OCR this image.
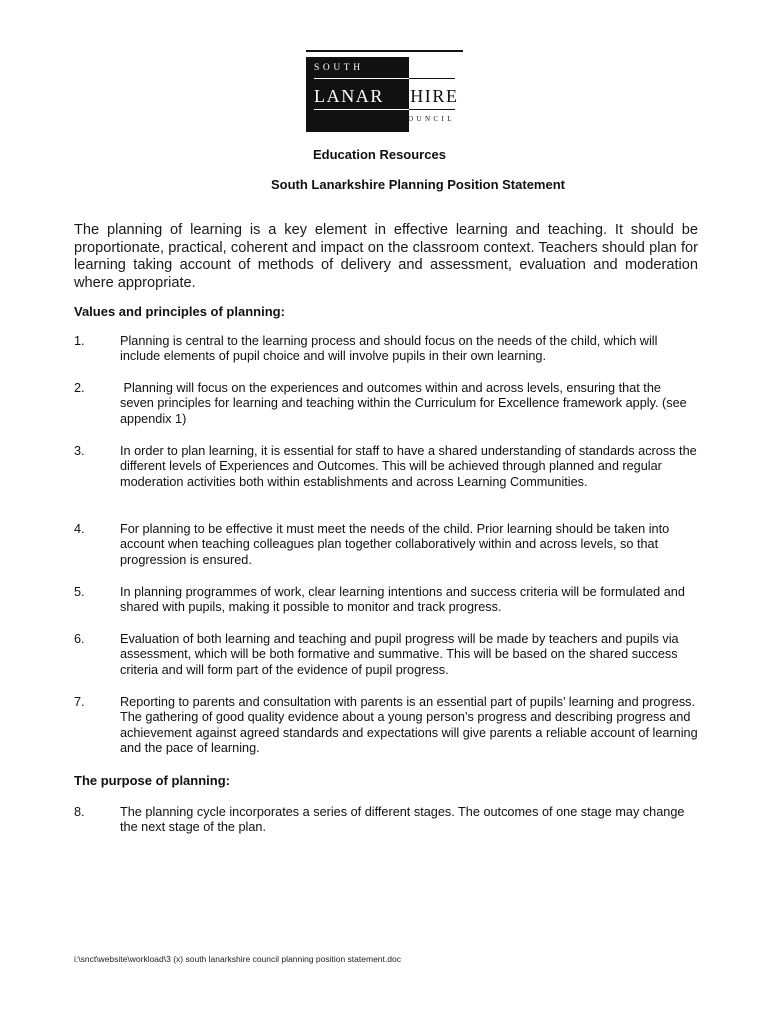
SOUTH
LANARKSHIRE
COUNCIL
Education Resources
South Lanarkshire Planning Position Statement
The planning of learning is a key element in effective learning and teaching. It should be proportionate, practical, coherent and impact on the classroom context. Teachers should plan for learning taking account of methods of delivery and assessment, evaluation and moderation where appropriate.
Values and principles of planning:
1.	Planning is central to the learning process and should focus on the needs of the child, which will include elements of pupil choice and will involve pupils in their own learning.
2.	Planning will focus on the experiences and outcomes within and across levels, ensuring that the seven principles for learning and teaching within the Curriculum for Excellence framework apply. (see appendix 1)
3.	In order to plan learning, it is essential for staff to have a shared understanding of standards across the different levels of Experiences and Outcomes. This will be achieved through planned and regular moderation activities both within establishments and across Learning Communities.
4.	For planning to be effective it must meet the needs of the child. Prior learning should be taken into account when teaching colleagues plan together collaboratively within and across levels, so that progression is ensured.
5.	In planning programmes of work, clear learning intentions and success criteria will be formulated and shared with pupils, making it possible to monitor and track progress.
6.	Evaluation of both learning and teaching and pupil progress will be made by teachers and pupils via assessment, which will be both formative and summative. This will be based on the shared success criteria and will form part of the evidence of pupil progress.
7.	Reporting to parents and consultation with parents is an essential part of pupils’ learning and progress. The gathering of good quality evidence about a young person’s progress and describing progress and achievement against agreed standards and expectations will give parents a reliable account of learning and the pace of learning.
The purpose of planning:
8.	The planning cycle incorporates a series of different stages. The outcomes of one stage may change the next stage of the plan.
i:\snct\website\workload\3 (x) south lanarkshire council planning position statement.doc
